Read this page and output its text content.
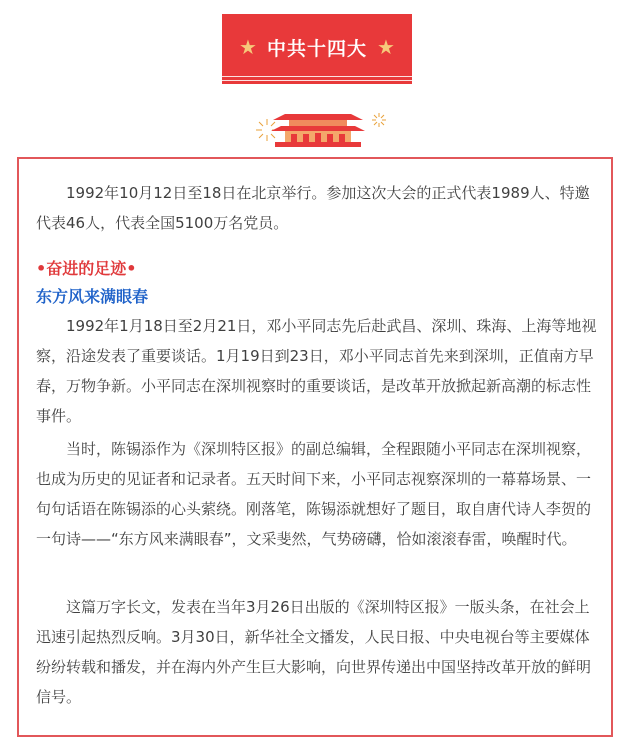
★ 中共十四大 ★

1992年10月12日至18日在北京举行。参加这次大会的正式代表1989人、特邀代表46人，代表全国5100万名党员。

•奋进的足迹•

东方风来满眼春

1992年1月18日至2月21日，邓小平同志先后赴武昌、深圳、珠海、上海等地视察，沿途发表了重要谈话。1月19日到23日，邓小平同志首先来到深圳，正值南方早春，万物争新。小平同志在深圳视察时的重要谈话，是改革开放掀起新高潮的标志性事件。

当时，陈锡添作为《深圳特区报》的副总编辑，全程跟随小平同志在深圳视察，也成为历史的见证者和记录者。五天时间下来，小平同志视察深圳的一幕幕场景、一句句话语在陈锡添的心头萦绕。刚落笔，陈锡添就想好了题目，取自唐代诗人李贺的一句诗——“东方风来满眼春”，文采斐然，气势磅礴，恰如滚滚春雷，唤醒时代。

这篇万字长文，发表在当年3月26日出版的《深圳特区报》一版头条，在社会上迅速引起热烈反响。3月30日，新华社全文播发，人民日报、中央电视台等主要媒体纷纷转载和播发，并在海内外产生巨大影响，向世界传递出中国坚持改革开放的鲜明信号。
